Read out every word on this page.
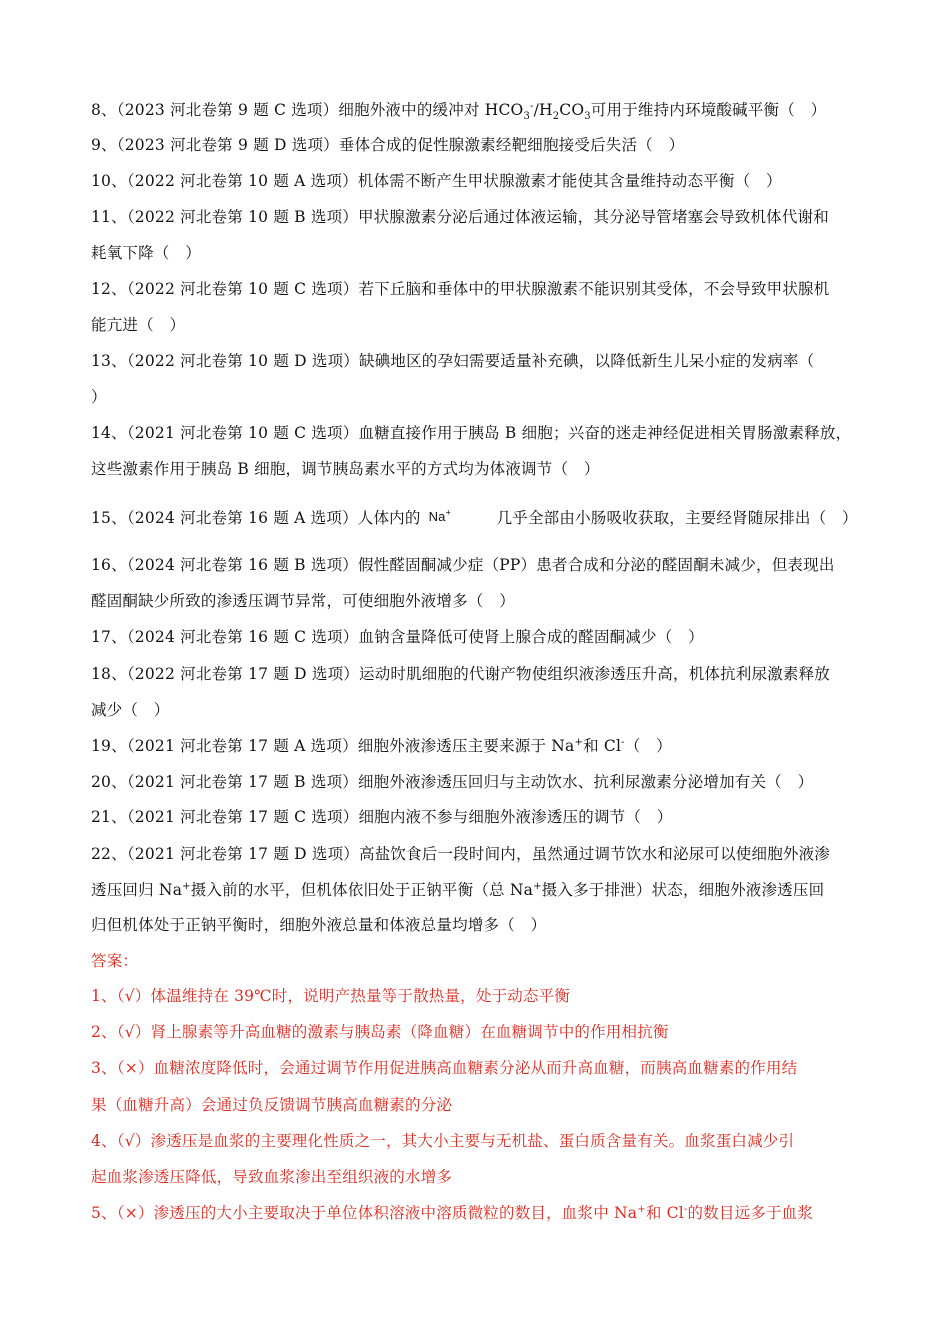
8、（2023 河北卷第 9 题 C 选项）细胞外液中的缓冲对 $HCO_3^-/H_2CO_3$可用于维持内环境酸碱平衡（　）
9、（2023 河北卷第 9 题 D 选项）垂体合成的促性腺激素经靶细胞接受后失活（　）
10、（2022 河北卷第 10 题 A 选项）机体需不断产生甲状腺激素才能使其含量维持动态平衡（　）
11、（2022 河北卷第 10 题 B 选项）甲状腺激素分泌后通过体液运输，其分泌导管堵塞会导致机体代谢和
耗氧下降（　）
12、（2022 河北卷第 10 题 C 选项）若下丘脑和垂体中的甲状腺激素不能识别其受体，不会导致甲状腺机
能亢进（　）
13、（2022 河北卷第 10 题 D 选项）缺碘地区的孕妇需要适量补充碘，以降低新生儿呆小症的发病率（
）
14、（2021 河北卷第 10 题 C 选项）血糖直接作用于胰岛 B 细胞；兴奋的迷走神经促进相关胃肠激素释放，
这些激素作用于胰岛 B 细胞，调节胰岛素水平的方式均为体液调节（　）
15、（2024 河北卷第 16 题 A 选项）人体内的 Na+	几乎全部由小肠吸收获取，主要经肾随尿排出（　）
16、（2024 河北卷第 16 题 B 选项）假性醛固酮减少症（PP）患者合成和分泌的醛固酮未减少，但表现出
醛固酮缺少所致的渗透压调节异常，可使细胞外液增多（　）
17、（2024 河北卷第 16 题 C 选项）血钠含量降低可使肾上腺合成的醛固酮减少（　）
18、（2022 河北卷第 17 题 D 选项）运动时肌细胞的代谢产物使组织液渗透压升高，机体抗利尿激素释放
减少（　）
19、（2021 河北卷第 17 题 A 选项）细胞外液渗透压主要来源于 Na+和 Cl-（　）
20、（2021 河北卷第 17 题 B 选项）细胞外液渗透压回归与主动饮水、抗利尿激素分泌增加有关（　）
21、（2021 河北卷第 17 题 C 选项）细胞内液不参与细胞外液渗透压的调节（　）
22、（2021 河北卷第 17 题 D 选项）高盐饮食后一段时间内，虽然通过调节饮水和泌尿可以使细胞外液渗
透压回归 Na+摄入前的水平，但机体依旧处于正钠平衡（总 Na+摄入多于排泄）状态，细胞外液渗透压回
归但机体处于正钠平衡时，细胞外液总量和体液总量均增多（　）
答案：
1、（√）体温维持在 39℃时，说明产热量等于散热量，处于动态平衡
2、（√）肾上腺素等升高血糖的激素与胰岛素（降血糖）在血糖调节中的作用相抗衡
3、（×）血糖浓度降低时，会通过调节作用促进胰高血糖素分泌从而升高血糖，而胰高血糖素的作用结
果（血糖升高）会通过负反馈调节胰高血糖素的分泌
4、（√）渗透压是血浆的主要理化性质之一，其大小主要与无机盐、蛋白质含量有关。血浆蛋白减少引
起血浆渗透压降低，导致血浆渗出至组织液的水增多
5、（×）渗透压的大小主要取决于单位体积溶液中溶质微粒的数目，血浆中 Na+和 Cl-的数目远多于血浆
